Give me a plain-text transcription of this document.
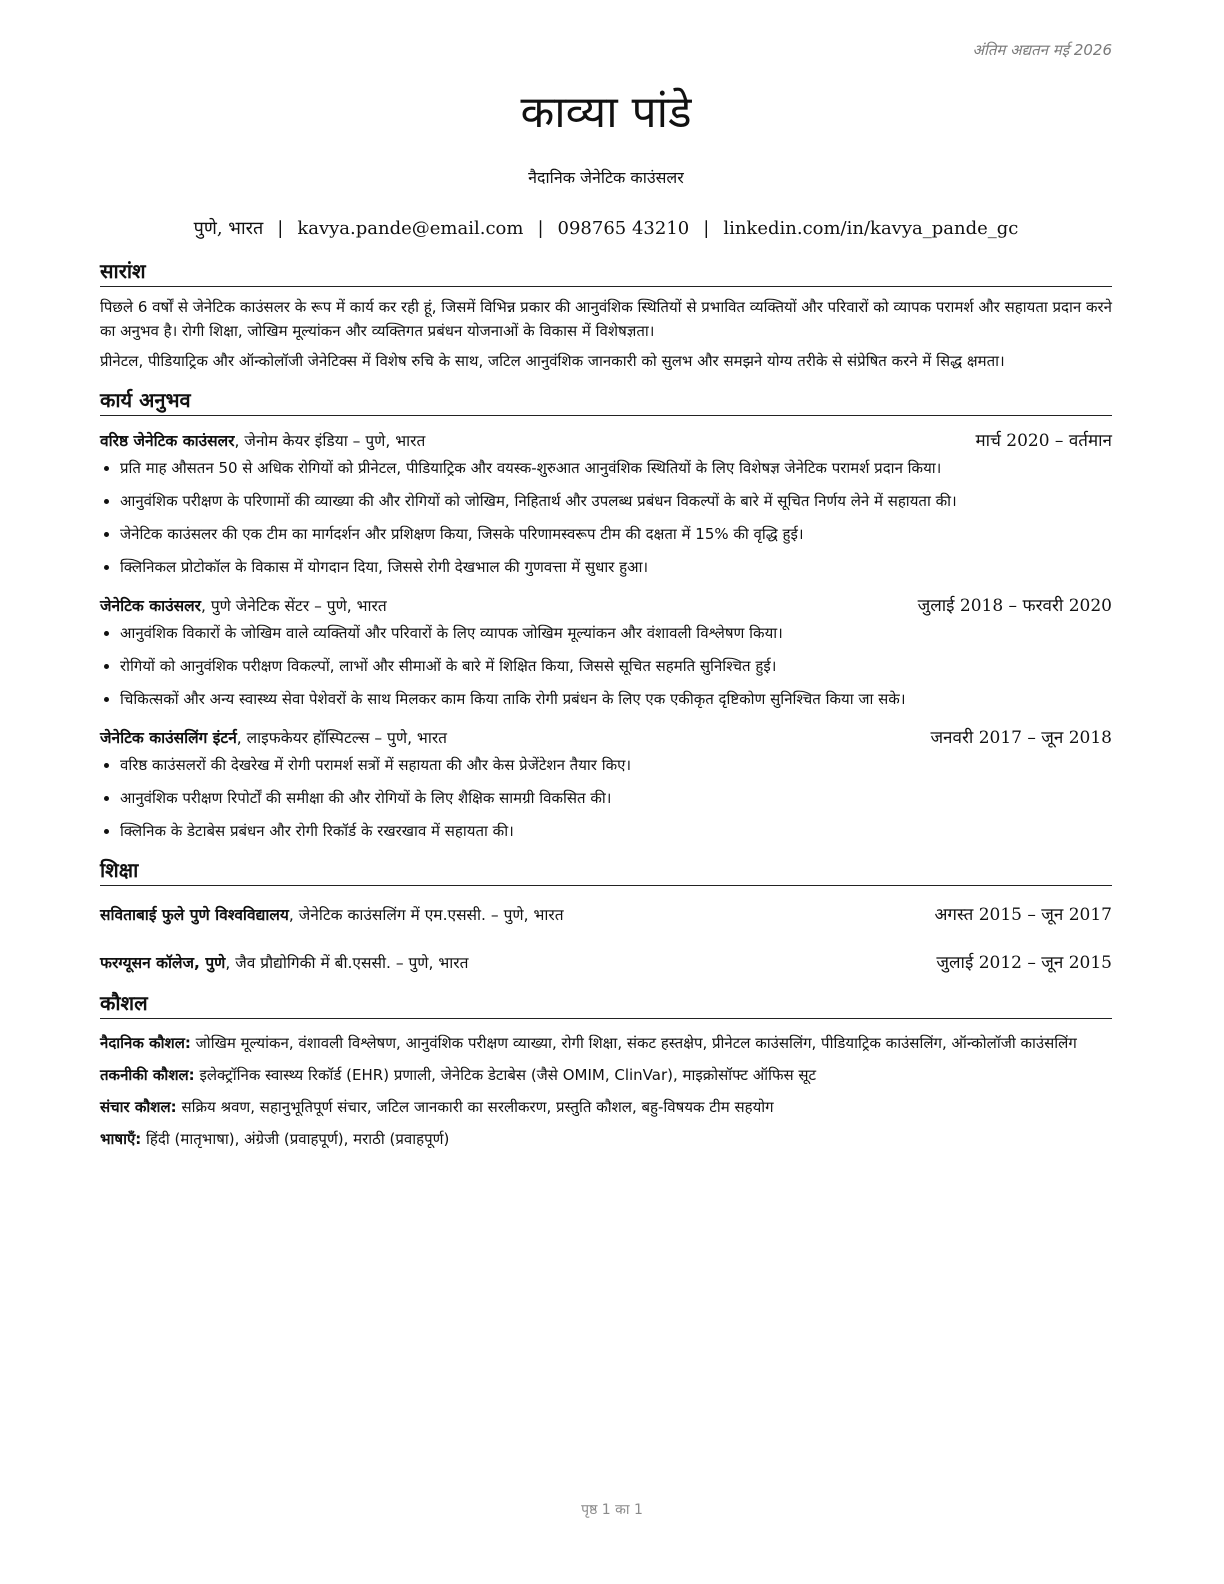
अंतिम अद्यतन मई 2026
काव्या पांडे
नैदानिक जेनेटिक काउंसलर
पुणे, भारत | kavya.pande@email.com | 098765 43210 | linkedin.com/in/kavya_pande_gc
सारांश
पिछले 6 वर्षों से जेनेटिक काउंसलर के रूप में कार्य कर रही हूं, जिसमें विभिन्न प्रकार की आनुवंशिक स्थितियों से प्रभावित व्यक्तियों और परिवारों को व्यापक परामर्श और सहायता प्रदान करने का अनुभव है। रोगी शिक्षा, जोखिम मूल्यांकन और व्यक्तिगत प्रबंधन योजनाओं के विकास में विशेषज्ञता।
प्रीनेटल, पीडियाट्रिक और ऑन्कोलॉजी जेनेटिक्स में विशेष रुचि के साथ, जटिल आनुवंशिक जानकारी को सुलभ और समझने योग्य तरीके से संप्रेषित करने में सिद्ध क्षमता।
कार्य अनुभव
वरिष्ठ जेनेटिक काउंसलर, जेनोम केयर इंडिया – पुणे, भारत	मार्च 2020 – वर्तमान
• प्रति माह औसतन 50 से अधिक रोगियों को प्रीनेटल, पीडियाट्रिक और वयस्क-शुरुआत आनुवंशिक स्थितियों के लिए विशेषज्ञ जेनेटिक परामर्श प्रदान किया।
• आनुवंशिक परीक्षण के परिणामों की व्याख्या की और रोगियों को जोखिम, निहितार्थ और उपलब्ध प्रबंधन विकल्पों के बारे में सूचित निर्णय लेने में सहायता की।
• जेनेटिक काउंसलर की एक टीम का मार्गदर्शन और प्रशिक्षण किया, जिसके परिणामस्वरूप टीम की दक्षता में 15% की वृद्धि हुई।
• क्लिनिकल प्रोटोकॉल के विकास में योगदान दिया, जिससे रोगी देखभाल की गुणवत्ता में सुधार हुआ।
जेनेटिक काउंसलर, पुणे जेनेटिक सेंटर – पुणे, भारत	जुलाई 2018 – फरवरी 2020
• आनुवंशिक विकारों के जोखिम वाले व्यक्तियों और परिवारों के लिए व्यापक जोखिम मूल्यांकन और वंशावली विश्लेषण किया।
• रोगियों को आनुवंशिक परीक्षण विकल्पों, लाभों और सीमाओं के बारे में शिक्षित किया, जिससे सूचित सहमति सुनिश्चित हुई।
• चिकित्सकों और अन्य स्वास्थ्य सेवा पेशेवरों के साथ मिलकर काम किया ताकि रोगी प्रबंधन के लिए एक एकीकृत दृष्टिकोण सुनिश्चित किया जा सके।
जेनेटिक काउंसलिंग इंटर्न, लाइफकेयर हॉस्पिटल्स – पुणे, भारत	जनवरी 2017 – जून 2018
• वरिष्ठ काउंसलरों की देखरेख में रोगी परामर्श सत्रों में सहायता की और केस प्रेजेंटेशन तैयार किए।
• आनुवंशिक परीक्षण रिपोर्टों की समीक्षा की और रोगियों के लिए शैक्षिक सामग्री विकसित की।
• क्लिनिक के डेटाबेस प्रबंधन और रोगी रिकॉर्ड के रखरखाव में सहायता की।
शिक्षा
सविताबाई फुले पुणे विश्वविद्यालय, जेनेटिक काउंसलिंग में एम.एससी. – पुणे, भारत	अगस्त 2015 – जून 2017
फरग्यूसन कॉलेज, पुणे, जैव प्रौद्योगिकी में बी.एससी. – पुणे, भारत	जुलाई 2012 – जून 2015
कौशल
नैदानिक कौशल: जोखिम मूल्यांकन, वंशावली विश्लेषण, आनुवंशिक परीक्षण व्याख्या, रोगी शिक्षा, संकट हस्तक्षेप, प्रीनेटल काउंसलिंग, पीडियाट्रिक काउंसलिंग, ऑन्कोलॉजी काउंसलिंग
तकनीकी कौशल: इलेक्ट्रॉनिक स्वास्थ्य रिकॉर्ड (EHR) प्रणाली, जेनेटिक डेटाबेस (जैसे OMIM, ClinVar), माइक्रोसॉफ्ट ऑफिस सूट
संचार कौशल: सक्रिय श्रवण, सहानुभूतिपूर्ण संचार, जटिल जानकारी का सरलीकरण, प्रस्तुति कौशल, बहु-विषयक टीम सहयोग
भाषाएँ: हिंदी (मातृभाषा), अंग्रेजी (प्रवाहपूर्ण), मराठी (प्रवाहपूर्ण)
पृष्ठ 1 का 1
